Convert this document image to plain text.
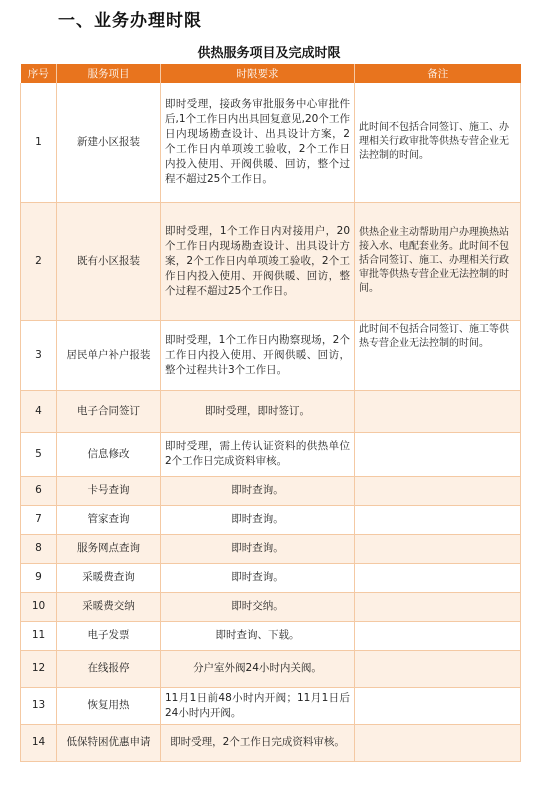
一、业务办理时限
供热服务项目及完成时限
序号	服务项目	时限要求	备注
1	新建小区报装	即时受理，接政务审批服务中心审批件后,1个工作日内出具回复意见,20个工作日内现场勘查设计、出具设计方案，2个工作日内单项竣工验收，2个工作日内投入使用、开阀供暖、回访，整个过程不超过25个工作日。	此时间不包括合同签订、施工、办理相关行政审批等供热专营企业无法控制的时间。
2	既有小区报装	即时受理，1个工作日内对接用户，20个工作日内现场勘查设计、出具设计方案，2个工作日内单项竣工验收，2个工作日内投入使用、开阀供暖、回访，整个过程不超过25个工作日。	供热企业主动帮助用户办理换热站接入水、电配套业务。此时间不包括合同签订、施工、办理相关行政审批等供热专营企业无法控制的时间。
3	居民单户补户报装	即时受理，1个工作日内勘察现场，2个工作日内投入使用、开阀供暖、回访，整个过程共计3个工作日。	此时间不包括合同签订、施工等供热专营企业无法控制的时间。
4	电子合同签订	即时受理，即时签订。	
5	信息修改	即时受理，需上传认证资料的供热单位2个工作日完成资料审核。	
6	卡号查询	即时查询。	
7	管家查询	即时查询。	
8	服务网点查询	即时查询。	
9	采暖费查询	即时查询。	
10	采暖费交纳	即时交纳。	
11	电子发票	即时查询、下载。	
12	在线报停	分户室外阀24小时内关阀。	
13	恢复用热	11月1日前48小时内开阀；11月1日后24小时内开阀。	
14	低保特困优惠申请	即时受理，2个工作日完成资料审核。	
